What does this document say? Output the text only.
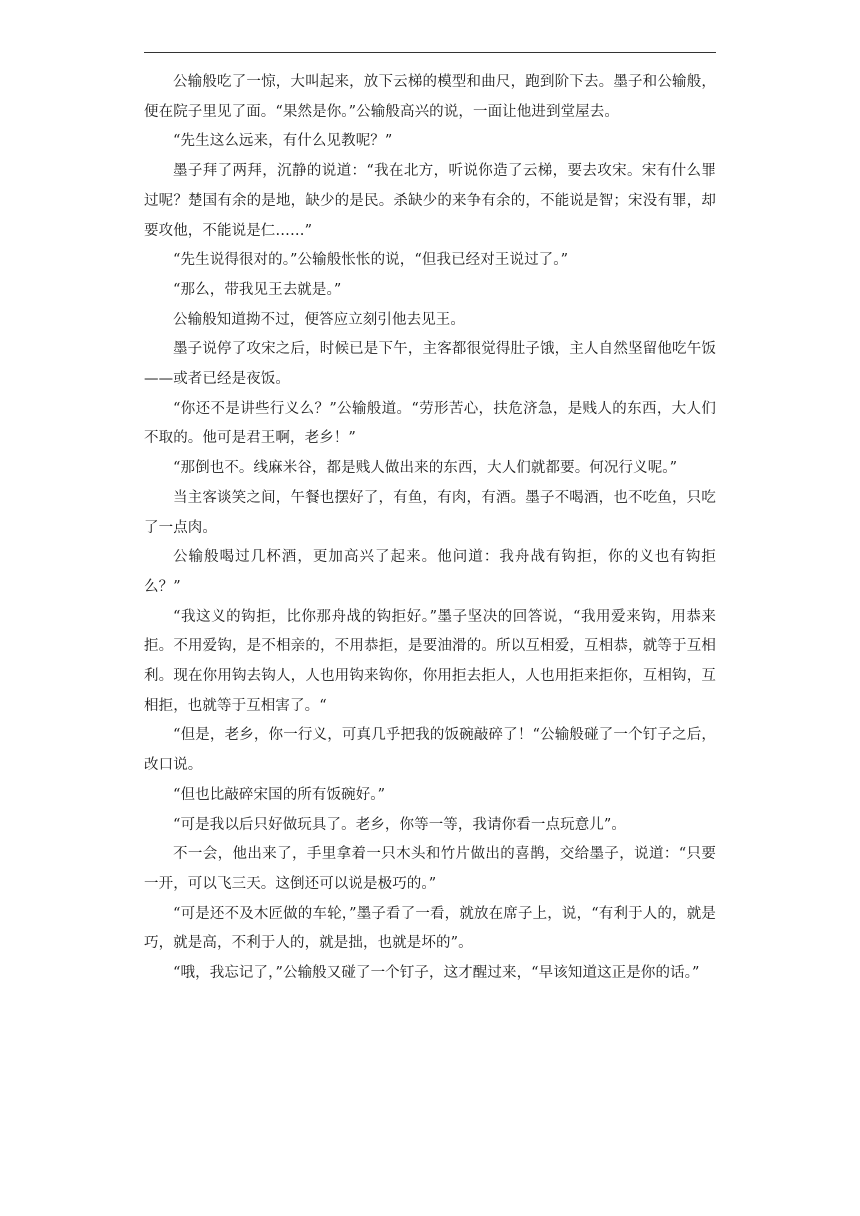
公输般吃了一惊，大叫起来，放下云梯的模型和曲尺，跑到阶下去。墨子和公输般，便在院子里见了面。“果然是你。”公输般高兴的说，一面让他进到堂屋去。

“先生这么远来，有什么见教呢？”

墨子拜了两拜，沉静的说道：“我在北方，听说你造了云梯，要去攻宋。宋有什么罪过呢？楚国有余的是地，缺少的是民。杀缺少的来争有余的，不能说是智；宋没有罪，却要攻他，不能说是仁……”

“先生说得很对的。”公输般怅怅的说，“但我已经对王说过了。”

“那么，带我见王去就是。”

公输般知道拗不过，便答应立刻引他去见王。

墨子说停了攻宋之后，时候已是下午，主客都很觉得肚子饿，主人自然坚留他吃午饭——或者已经是夜饭。

“你还不是讲些行义么？”公输般道。“劳形苦心，扶危济急，是贱人的东西，大人们不取的。他可是君王啊，老乡！”

“那倒也不。线麻米谷，都是贱人做出来的东西，大人们就都要。何况行义呢。”

当主客谈笑之间，午餐也摆好了，有鱼，有肉，有酒。墨子不喝酒，也不吃鱼，只吃了一点肉。

公输般喝过几杯酒，更加高兴了起来。他问道：我舟战有钩拒，你的义也有钩拒么？”

“我这义的钩拒，比你那舟战的钩拒好。”墨子坚决的回答说，“我用爱来钩，用恭来拒。不用爱钩，是不相亲的，不用恭拒，是要油滑的。所以互相爱，互相恭，就等于互相利。现在你用钩去钩人，人也用钩来钩你，你用拒去拒人，人也用拒来拒你，互相钩，互相拒，也就等于互相害了。“

“但是，老乡，你一行义，可真几乎把我的饭碗敲碎了！“公输般碰了一个钉子之后，改口说。

“但也比敲碎宋国的所有饭碗好。”

“可是我以后只好做玩具了。老乡，你等一等，我请你看一点玩意儿”。

不一会，他出来了，手里拿着一只木头和竹片做出的喜鹊，交给墨子，说道：“只要一开，可以飞三天。这倒还可以说是极巧的。”

“可是还不及木匠做的车轮，”墨子看了一看，就放在席子上，说，“有利于人的，就是巧，就是高，不利于人的，就是拙，也就是坏的”。

“哦，我忘记了，”公输般又碰了一个钉子，这才醒过来，“早该知道这正是你的话。”
